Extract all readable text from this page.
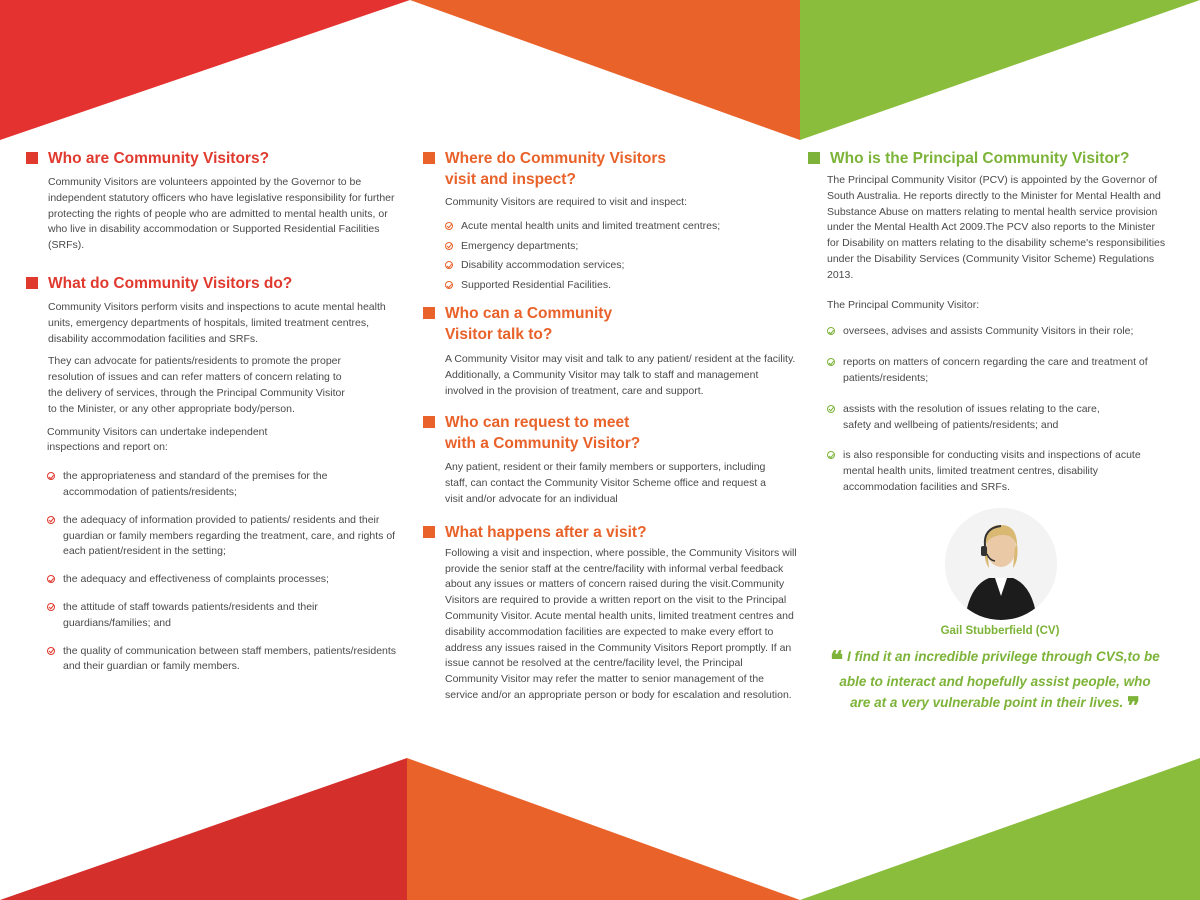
Who are Community Visitors?

Community Visitors are volunteers appointed by the Governor to be independent statutory officers who have legislative responsibility for further protecting the rights of people who are admitted to mental health units, or who live in disability accommodation or Supported Residential Facilities (SRFs).

What do Community Visitors do?

Community Visitors perform visits and inspections to acute mental health units, emergency departments of hospitals, limited treatment centres, disability accommodation facilities and SRFs.

They can advocate for patients/residents to promote the proper resolution of issues and can refer matters of concern relating to the delivery of services, through the Principal Community Visitor to the Minister, or any other appropriate body/person.

Community Visitors can undertake independent inspections and report on:

the appropriateness and standard of the premises for the accommodation of patients/residents;
the adequacy of information provided to patients/ residents and their guardian or family members regarding the treatment, care, and rights of each patient/resident in the setting;
the adequacy and effectiveness of complaints processes;
the attitude of staff towards patients/residents and their guardians/families; and
the quality of communication between staff members, patients/residents and their guardian or family members.
Where do Community Visitors
visit and inspect?

Community Visitors are required to visit and inspect:

Acute mental health units and limited treatment centres;
Emergency departments;
Disability accommodation services;
Supported Residential Facilities.
Who can a Community
Visitor talk to?

A Community Visitor may visit and talk to any patient/ resident at the facility. Additionally, a Community Visitor may talk to staff and management involved in the provision of treatment, care and support.

Who can request to meet
with a Community Visitor?

Any patient, resident or their family members or supporters, including staff, can contact the Community Visitor Scheme office and request a visit and/or advocate for an individual

What happens after a visit?

Following a visit and inspection, where possible, the Community Visitors will provide the senior staff at the centre/facility with informal verbal feedback about any issues or matters of concern raised during the visit.Community Visitors are required to provide a written report on the visit to the Principal Community Visitor. Acute mental health units, limited treatment centres and disability accommodation facilities are expected to make every effort to address any issues raised in the Community Visitors Report promptly. If an issue cannot be resolved at the centre/facility level, the Principal Community Visitor may refer the matter to senior management of the service and/or an appropriate person or body for escalation and resolution.

Who is the Principal Community Visitor?

The Principal Community Visitor (PCV) is appointed by the Governor of South Australia. He reports directly to the Minister for Mental Health and Substance Abuse on matters relating to mental health service provision under the Mental Health Act 2009.The PCV also reports to the Minister for Disability on matters relating to the disability scheme's responsibilities under the Disability Services (Community Visitor Scheme) Regulations 2013.

The Principal Community Visitor:

oversees, advises and assists Community Visitors in their role;
reports on matters of concern regarding the care and treatment of patients/residents;
assists with the resolution of issues relating to the care, safety and wellbeing of patients/residents; and
is also responsible for conducting visits and inspections of acute mental health units, limited treatment centres, disability accommodation facilities and SRFs.
Gail Stubberfield (CV)
❝ I find it an incredible privilege through CVS,to be able to interact and hopefully assist people, who are at a very vulnerable point in their lives. ❞
